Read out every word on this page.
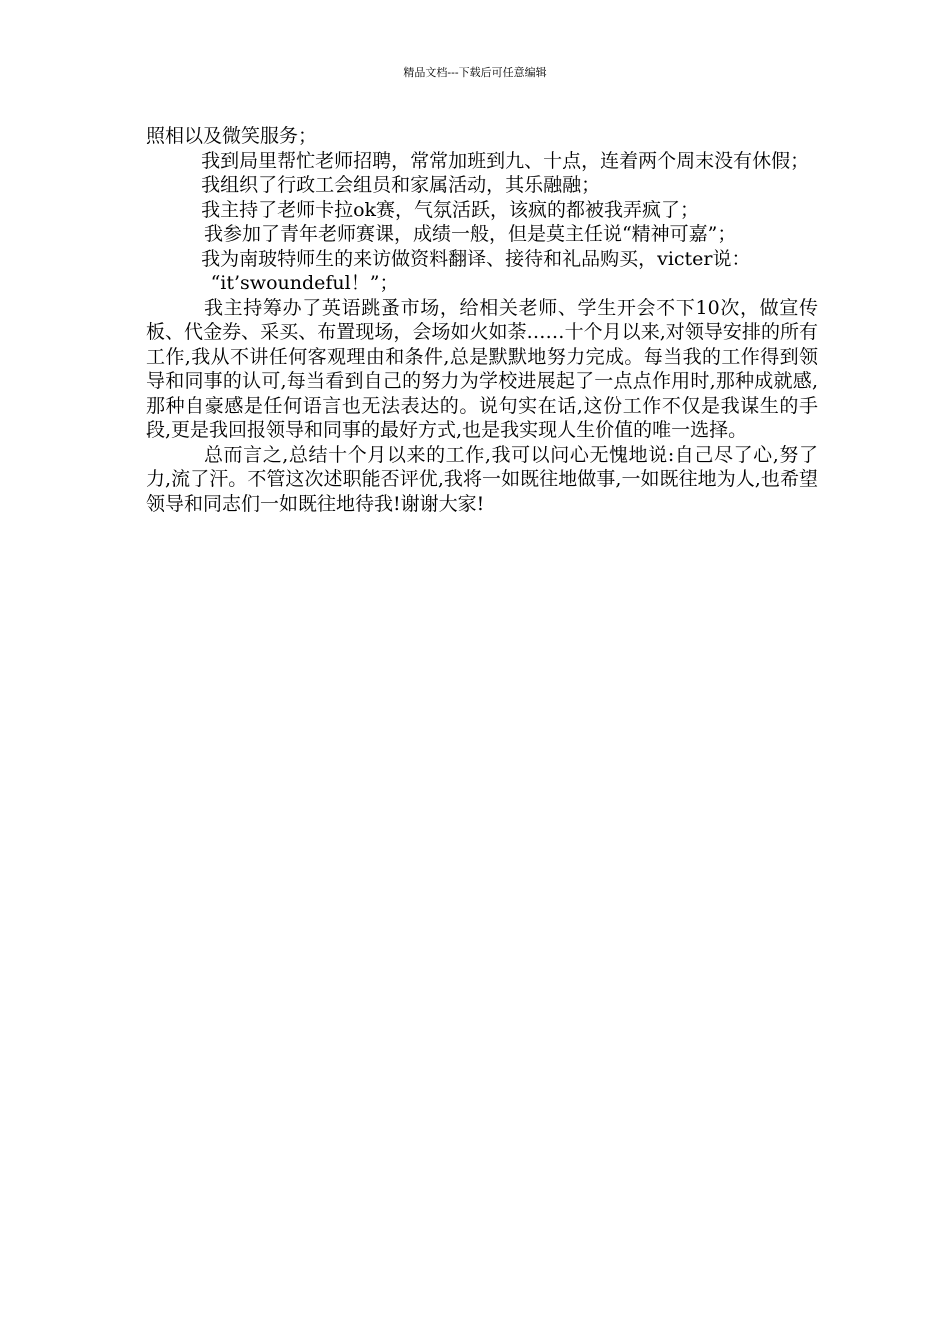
精品文档---下载后可任意编辑

照相以及微笑服务；

我到局里帮忙老师招聘，常常加班到九、十点，连着两个周末没有休假；

我组织了行政工会组员和家属活动，其乐融融；

我主持了老师卡拉ok赛，气氛活跃，该疯的都被我弄疯了；

我参加了青年老师赛课，成绩一般，但是莫主任说“精神可嘉”；

我为南玻特师生的来访做资料翻译、接待和礼品购买，victer说：

“it’swoundeful！”；

我主持筹办了英语跳蚤市场，给相关老师、学生开会不下10次，做宣传板、代金券、采买、布置现场，会场如火如荼……十个月以来,对领导安排的所有工作,我从不讲任何客观理由和条件,总是默默地努力完成。每当我的工作得到领导和同事的认可,每当看到自己的努力为学校进展起了一点点作用时,那种成就感,那种自豪感是任何语言也无法表达的。说句实在话,这份工作不仅是我谋生的手段,更是我回报领导和同事的最好方式,也是我实现人生价值的唯一选择。

总而言之,总结十个月以来的工作,我可以问心无愧地说:自己尽了心,努了力,流了汗。不管这次述职能否评优,我将一如既往地做事,一如既往地为人,也希望领导和同志们一如既往地待我!谢谢大家!
